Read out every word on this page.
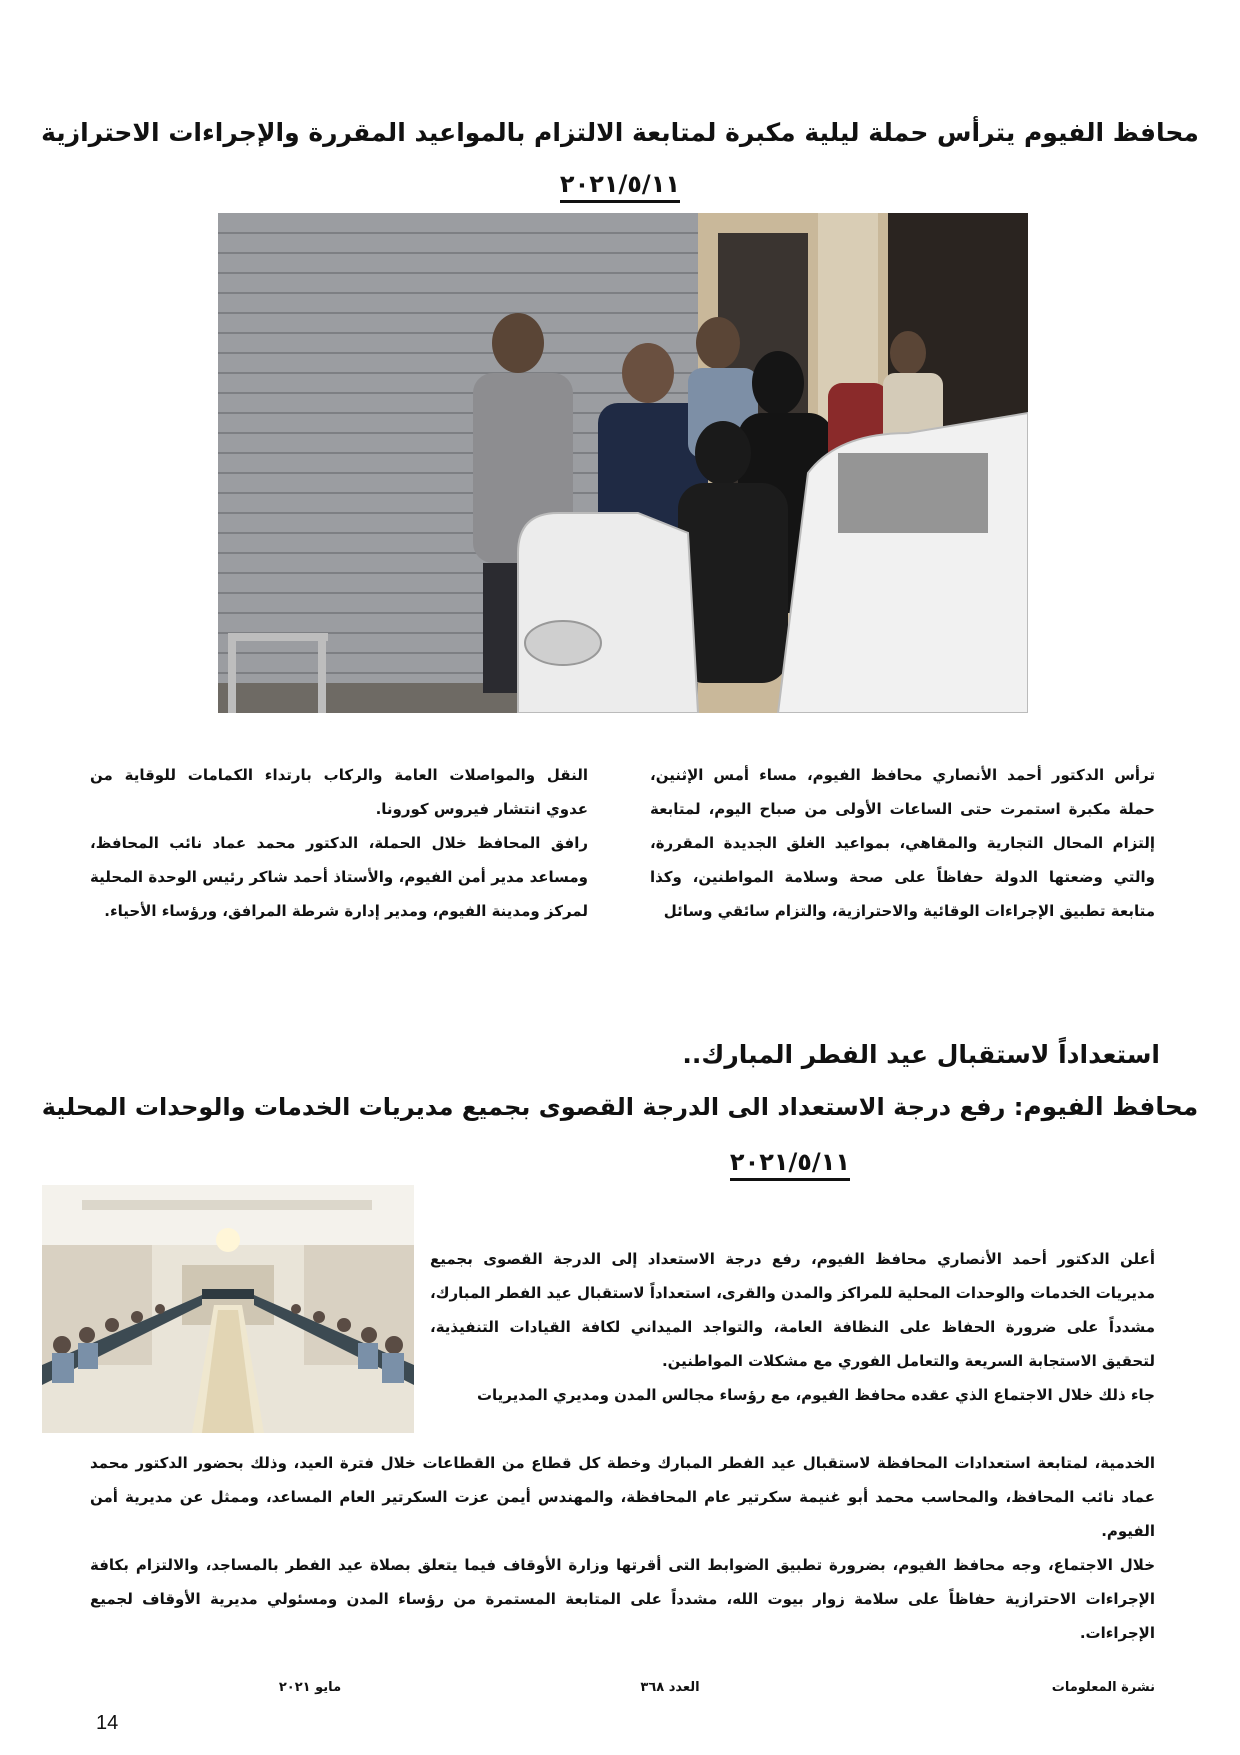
محافظ الفيوم يترأس حملة ليلية مكبرة لمتابعة الالتزام بالمواعيد المقررة والإجراءات الاحترازية
٢٠٢١/٥/١١

ترأس الدكتور أحمد الأنصاري محافظ الفيوم، مساء أمس الإثنين، حملة مكبرة استمرت حتى الساعات الأولى من صباح اليوم، لمتابعة إلتزام المحال التجارية والمقاهي، بمواعيد الغلق الجديدة المقررة، والتي وضعتها الدولة حفاظاً على صحة وسلامة المواطنين، وكذا متابعة تطبيق الإجراءات الوقائية والاحترازية، والتزام سائقي وسائل

النقل والمواصلات العامة والركاب بارتداء الكمامات للوقاية من عدوي انتشار فيروس كورونا.

رافق المحافظ خلال الحملة، الدكتور محمد عماد نائب المحافظ، ومساعد مدير أمن الفيوم، والأستاذ أحمد شاكر رئيس الوحدة المحلية لمركز ومدينة الفيوم، ومدير إدارة شرطة المرافق، ورؤساء الأحياء.

استعداداً لاستقبال عيد الفطر المبارك..
محافظ الفيوم: رفع درجة الاستعداد الى الدرجة القصوى بجميع مديريات الخدمات والوحدات المحلية
٢٠٢١/٥/١١

أعلن الدكتور أحمد الأنصاري محافظ الفيوم، رفع درجة الاستعداد إلى الدرجة القصوى بجميع مديريات الخدمات والوحدات المحلية للمراكز والمدن والقرى، استعداداً لاستقبال عيد الفطر المبارك، مشدداً على ضرورة الحفاظ على النظافة العامة، والتواجد الميداني لكافة القيادات التنفيذية، لتحقيق الاستجابة السريعة والتعامل الفوري مع مشكلات المواطنين.

جاء ذلك خلال الاجتماع الذي عقده محافظ الفيوم، مع رؤساء مجالس المدن ومديري المديريات

الخدمية، لمتابعة استعدادات المحافظة لاستقبال عيد الفطر المبارك وخطة كل قطاع من القطاعات خلال فترة العيد، وذلك بحضور الدكتور محمد عماد نائب المحافظ، والمحاسب محمد أبو غنيمة سكرتير عام المحافظة، والمهندس أيمن عزت السكرتير العام المساعد، وممثل عن مديرية أمن الفيوم.

خلال الاجتماع، وجه محافظ الفيوم، بضرورة تطبيق الضوابط التى أقرتها وزارة الأوقاف فيما يتعلق بصلاة عيد الفطر بالمساجد، والالتزام بكافة الإجراءات الاحترازية حفاظاً على سلامة زوار بيوت الله، مشدداً على المتابعة المستمرة من رؤساء المدن ومسئولي مديرية الأوقاف لجميع الإجراءات.

نشرة المعلومات
العدد ٣٦٨
مايو ٢٠٢١
14
